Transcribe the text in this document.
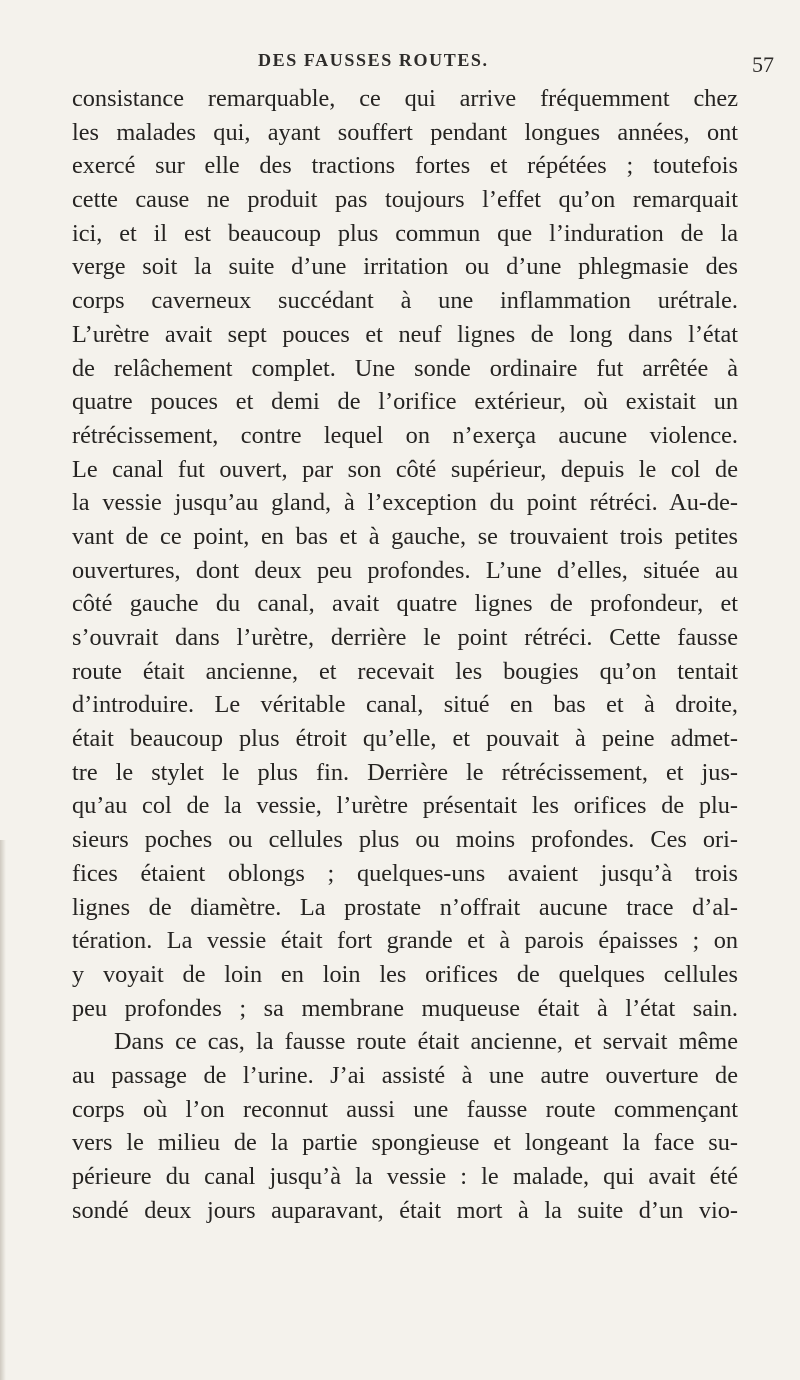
DES FAUSSES ROUTES.	57
consistance remarquable, ce qui arrive fréquemment chez
les malades qui, ayant souffert pendant longues années, ont
exercé sur elle des tractions fortes et répétées ; toutefois
cette cause ne produit pas toujours l’effet qu’on remarquait
ici, et il est beaucoup plus commun que l’induration de la
verge soit la suite d’une irritation ou d’une phlegmasie des
corps caverneux succédant à une inflammation urétrale.
L’urètre avait sept pouces et neuf lignes de long dans l’état
de relâchement complet. Une sonde ordinaire fut arrêtée à
quatre pouces et demi de l’orifice extérieur, où existait un
rétrécissement, contre lequel on n’exerça aucune violence.
Le canal fut ouvert, par son côté supérieur, depuis le col de
la vessie jusqu’au gland, à l’exception du point rétréci. Au-de-
vant de ce point, en bas et à gauche, se trouvaient trois petites
ouvertures, dont deux peu profondes. L’une d’elles, située au
côté gauche du canal, avait quatre lignes de profondeur, et
s’ouvrait dans l’urètre, derrière le point rétréci. Cette fausse
route était ancienne, et recevait les bougies qu’on tentait
d’introduire. Le véritable canal, situé en bas et à droite,
était beaucoup plus étroit qu’elle, et pouvait à peine admet-
tre le stylet le plus fin. Derrière le rétrécissement, et jus-
qu’au col de la vessie, l’urètre présentait les orifices de plu-
sieurs poches ou cellules plus ou moins profondes. Ces ori-
fices étaient oblongs ; quelques-uns avaient jusqu’à trois
lignes de diamètre. La prostate n’offrait aucune trace d’al-
tération. La vessie était fort grande et à parois épaisses ; on
y voyait de loin en loin les orifices de quelques cellules
peu profondes ; sa membrane muqueuse était à l’état sain.
Dans ce cas, la fausse route était ancienne, et servait même
au passage de l’urine. J’ai assisté à une autre ouverture de
corps où l’on reconnut aussi une fausse route commençant
vers le milieu de la partie spongieuse et longeant la face su-
périeure du canal jusqu’à la vessie : le malade, qui avait été
sondé deux jours auparavant, était mort à la suite d’un vio-
